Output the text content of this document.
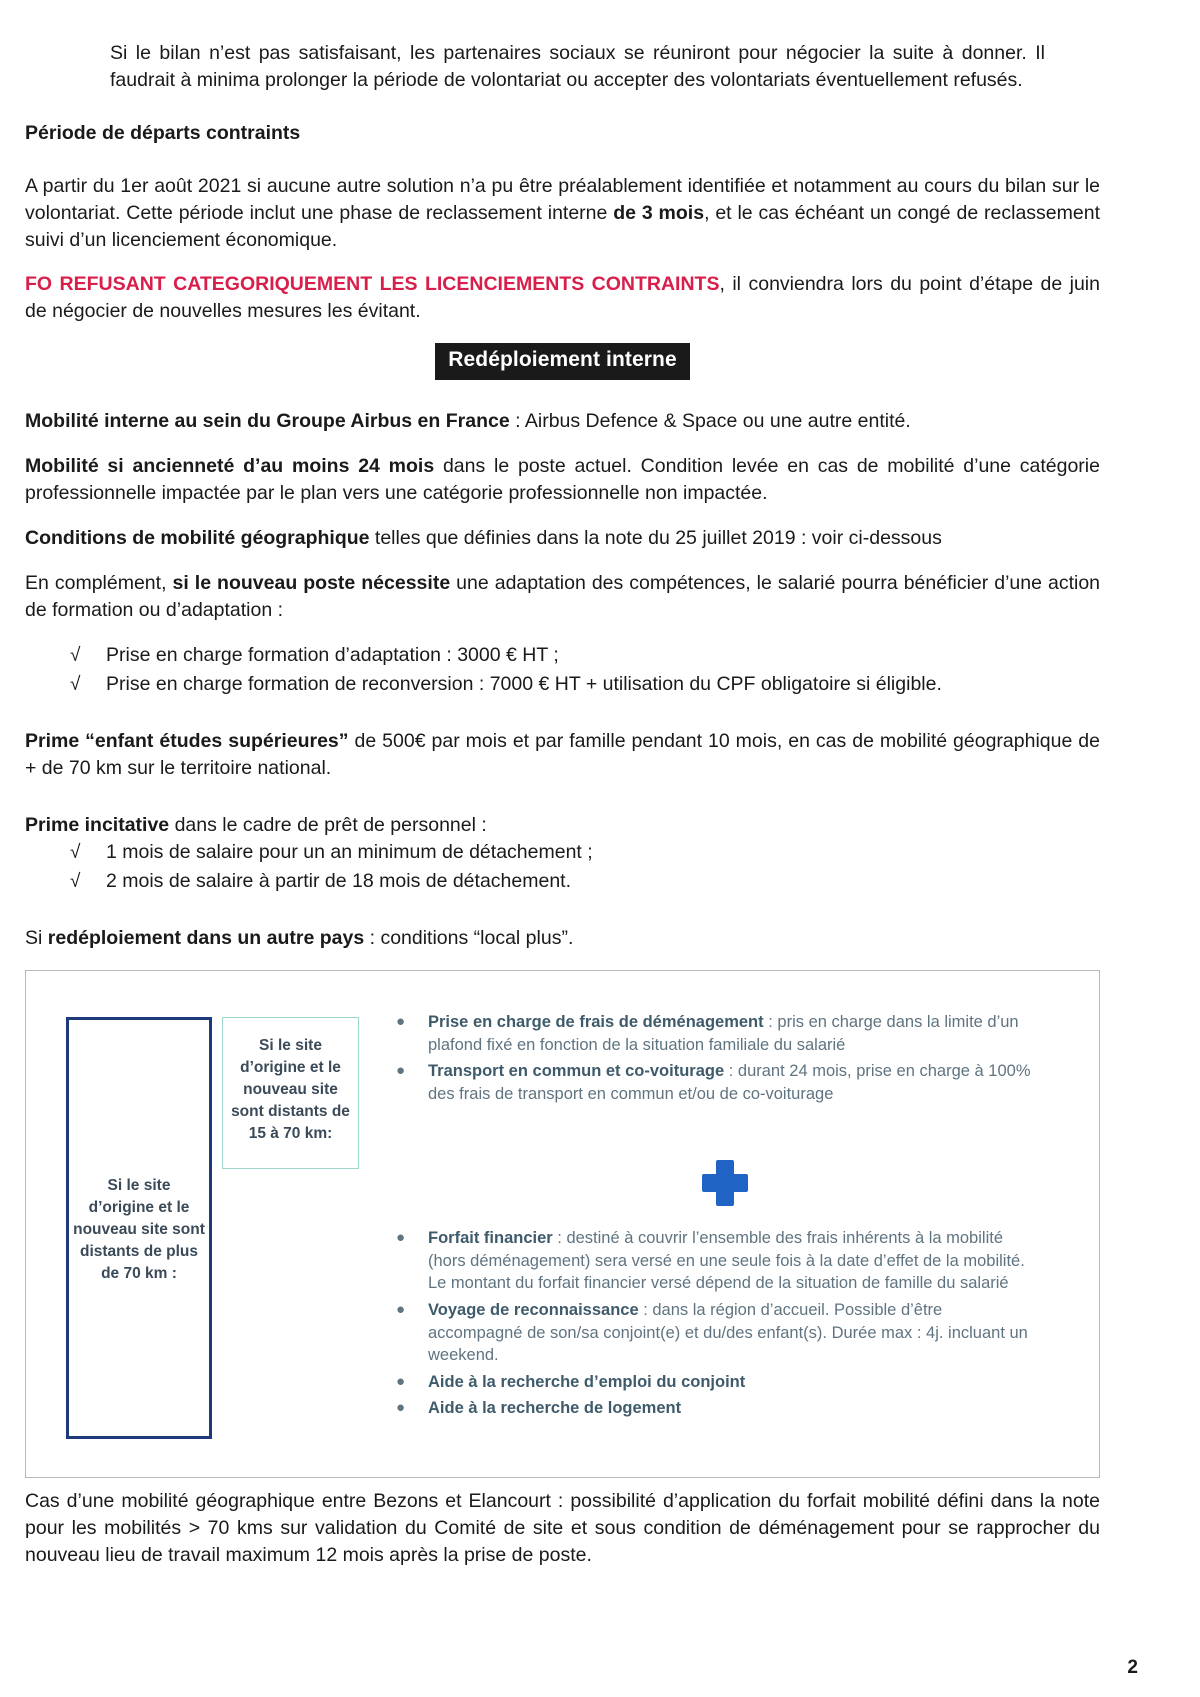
Si le bilan n’est pas satisfaisant, les partenaires sociaux se réuniront pour négocier la suite à donner. Il faudrait à minima prolonger la période de volontariat ou accepter des volontariats éventuellement refusés.

Période de départs contraints

A partir du 1er août 2021 si aucune autre solution n’a pu être préalablement identifiée et notamment au cours du bilan sur le volontariat. Cette période inclut une phase de reclassement interne de 3 mois, et le cas échéant un congé de reclassement suivi d’un licenciement économique.

FO REFUSANT CATEGORIQUEMENT LES LICENCIEMENTS CONTRAINTS, il conviendra lors du point d’étape de juin de négocier de nouvelles mesures les évitant.

Redéploiement interne

Mobilité interne au sein du Groupe Airbus en France : Airbus Defence & Space ou une autre entité.

Mobilité si ancienneté d’au moins 24 mois dans le poste actuel. Condition levée en cas de mobilité d’une catégorie professionnelle impactée par le plan vers une catégorie professionnelle non impactée.

Conditions de mobilité géographique telles que définies dans la note du 25 juillet 2019 : voir ci-dessous

En complément, si le nouveau poste nécessite une adaptation des compétences, le salarié pourra bénéficier d’une action de formation ou d’adaptation :

√	Prise en charge formation d’adaptation : 3000 € HT ;
√	Prise en charge formation de reconversion : 7000 € HT + utilisation du CPF obligatoire si éligible.

Prime “enfant études supérieures” de 500€ par mois et par famille pendant 10 mois, en cas de mobilité géographique de + de 70 km sur le territoire national.

Prime incitative dans le cadre de prêt de personnel :

√	1 mois de salaire pour un an minimum de détachement ;
√	2 mois de salaire à partir de 18 mois de détachement.

Si redéploiement dans un autre pays : conditions “local plus”.

Si le site d’origine et le nouveau site sont distants de plus de 70 km :
Si le site d’origine et le nouveau site sont distants de 15 à 70 km:
●	Prise en charge de frais de déménagement : pris en charge dans la limite d’un plafond fixé en fonction de la situation familiale du salarié
●	Transport en commun et co-voiturage : durant 24 mois, prise en charge à 100% des frais de transport en commun et/ou de co-voiturage
●	Forfait financier : destiné à couvrir l’ensemble des frais inhérents à la mobilité (hors déménagement) sera versé en une seule fois à la date d’effet de la mobilité. Le montant du forfait financier versé dépend de la situation de famille du salarié
●	Voyage de reconnaissance : dans la région d’accueil. Possible d’être accompagné de son/sa conjoint(e) et du/des enfant(s). Durée max : 4j. incluant un weekend.
●	Aide à la recherche d’emploi du conjoint
●	Aide à la recherche de logement

Cas d’une mobilité géographique entre Bezons et Elancourt : possibilité d’application du forfait mobilité défini dans la note pour les mobilités > 70 kms sur validation du Comité de site et sous condition de déménagement pour se rapprocher du nouveau lieu de travail maximum 12 mois après la prise de poste.

2
